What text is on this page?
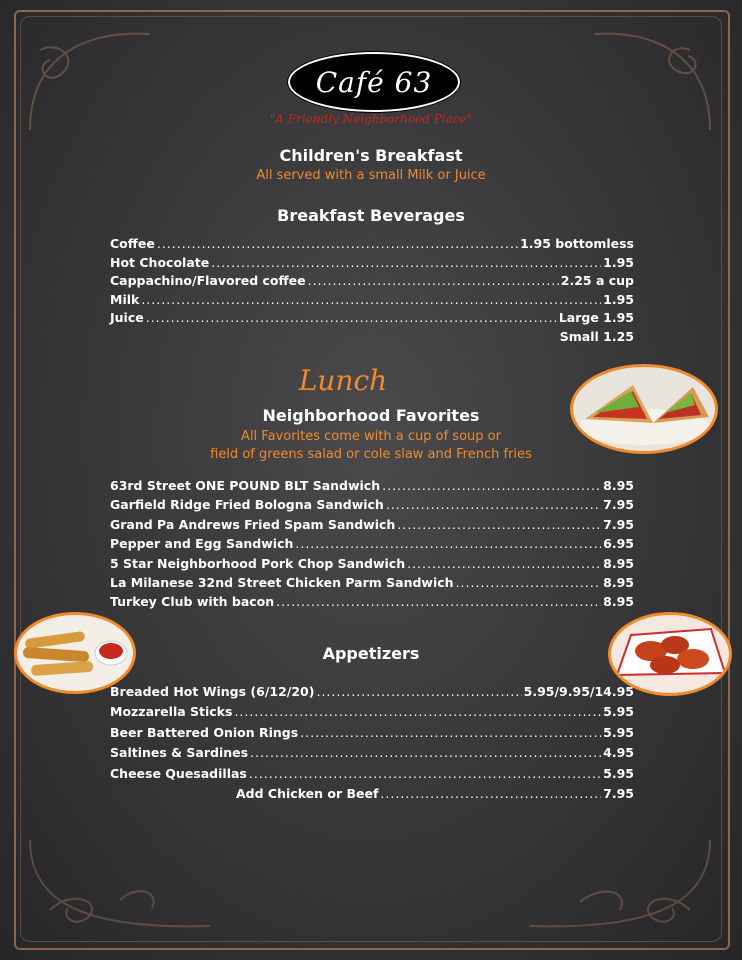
Café 63
"A Friendly Neighborhood Place"
Children's Breakfast
All served with a small Milk or Juice
Breakfast Beverages
Coffee .....	1.95 bottomless
Hot Chocolate .....	1.95
Cappachino/Flavored coffee .....	2.25 a cup
Milk .....	1.95
Juice .....	Large 1.95
Small 1.25
Lunch
Neighborhood Favorites
All Favorites come with a cup of soup or
field of greens salad or cole slaw and French fries
63rd Street ONE POUND BLT Sandwich .....	8.95
Garfield Ridge Fried Bologna Sandwich .....	7.95
Grand Pa Andrews Fried Spam Sandwich .....	7.95
Pepper and Egg Sandwich .....	6.95
5 Star Neighborhood Pork Chop Sandwich .....	8.95
La Milanese 32nd Street Chicken Parm Sandwich .....	8.95
Turkey Club with bacon .....	8.95
Appetizers
Breaded Hot Wings (6/12/20) .....	5.95/9.95/14.95
Mozzarella Sticks .....	5.95
Beer Battered Onion Rings .....	5.95
Saltines & Sardines .....	4.95
Cheese Quesadillas .....	5.95
Add Chicken or Beef .....	7.95
